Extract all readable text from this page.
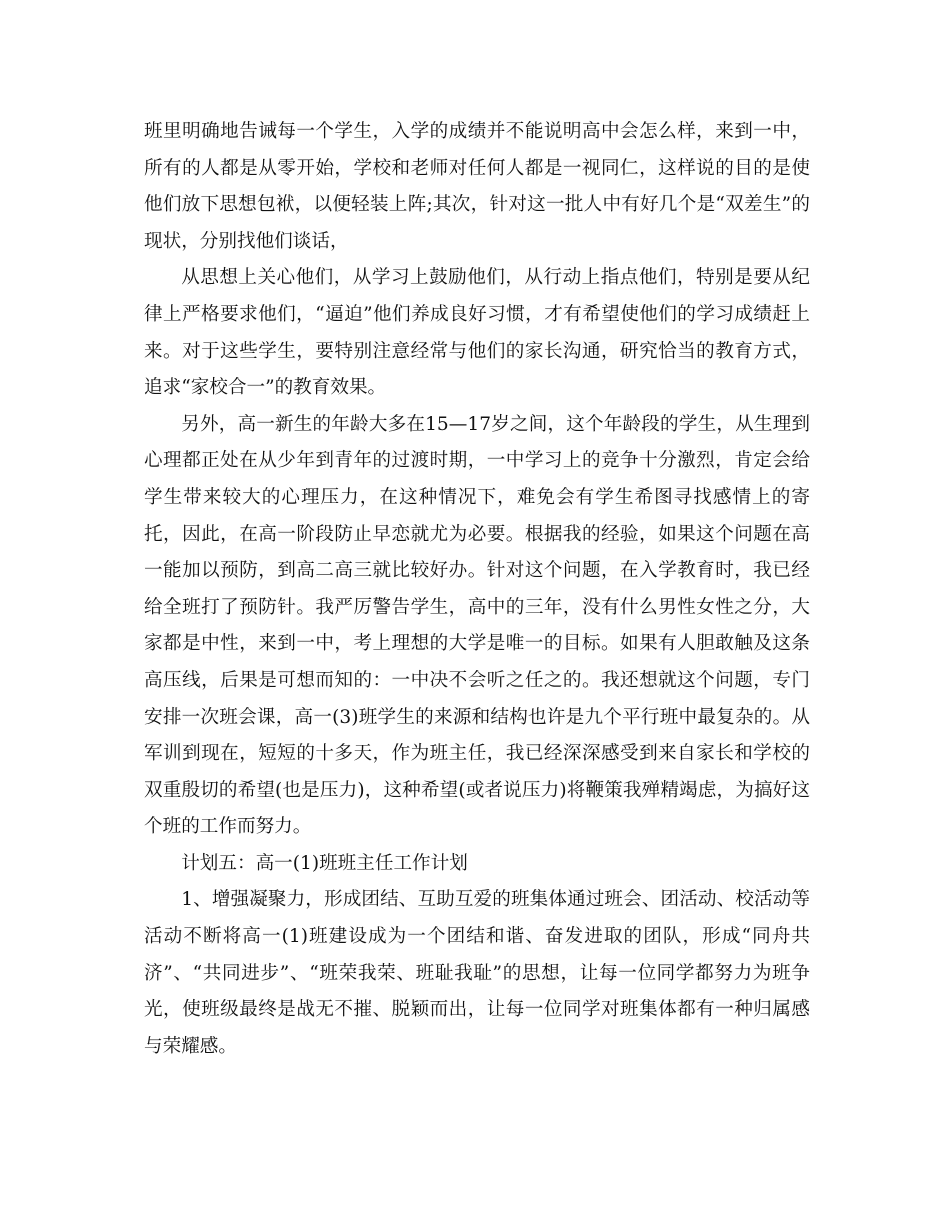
班里明确地告诫每一个学生，入学的成绩并不能说明高中会怎么样，来到一中，所有的人都是从零开始，学校和老师对任何人都是一视同仁，这样说的目的是使他们放下思想包袱，以便轻装上阵;其次，针对这一批人中有好几个是“双差生”的现状，分别找他们谈话，

从思想上关心他们，从学习上鼓励他们，从行动上指点他们，特别是要从纪律上严格要求他们，“逼迫”他们养成良好习惯，才有希望使他们的学习成绩赶上来。对于这些学生，要特别注意经常与他们的家长沟通，研究恰当的教育方式，追求“家校合一”的教育效果。

另外，高一新生的年龄大多在15—17岁之间，这个年龄段的学生，从生理到心理都正处在从少年到青年的过渡时期，一中学习上的竞争十分激烈，肯定会给学生带来较大的心理压力，在这种情况下，难免会有学生希图寻找感情上的寄托，因此，在高一阶段防止早恋就尤为必要。根据我的经验，如果这个问题在高一能加以预防，到高二高三就比较好办。针对这个问题，在入学教育时，我已经给全班打了预防针。我严厉警告学生，高中的三年，没有什么男性女性之分，大家都是中性，来到一中，考上理想的大学是唯一的目标。如果有人胆敢触及这条高压线，后果是可想而知的：一中决不会听之任之的。我还想就这个问题，专门安排一次班会课，高一(3)班学生的来源和结构也许是九个平行班中最复杂的。从军训到现在，短短的十多天，作为班主任，我已经深深感受到来自家长和学校的双重殷切的希望(也是压力)，这种希望(或者说压力)将鞭策我殚精竭虑，为搞好这个班的工作而努力。

计划五：高一(1)班班主任工作计划

1、增强凝聚力，形成团结、互助互爱的班集体通过班会、团活动、校活动等活动不断将高一(1)班建设成为一个团结和谐、奋发进取的团队，形成“同舟共济”、“共同进步”、“班荣我荣、班耻我耻”的思想，让每一位同学都努力为班争光，使班级最终是战无不摧、脱颖而出，让每一位同学对班集体都有一种归属感与荣耀感。
